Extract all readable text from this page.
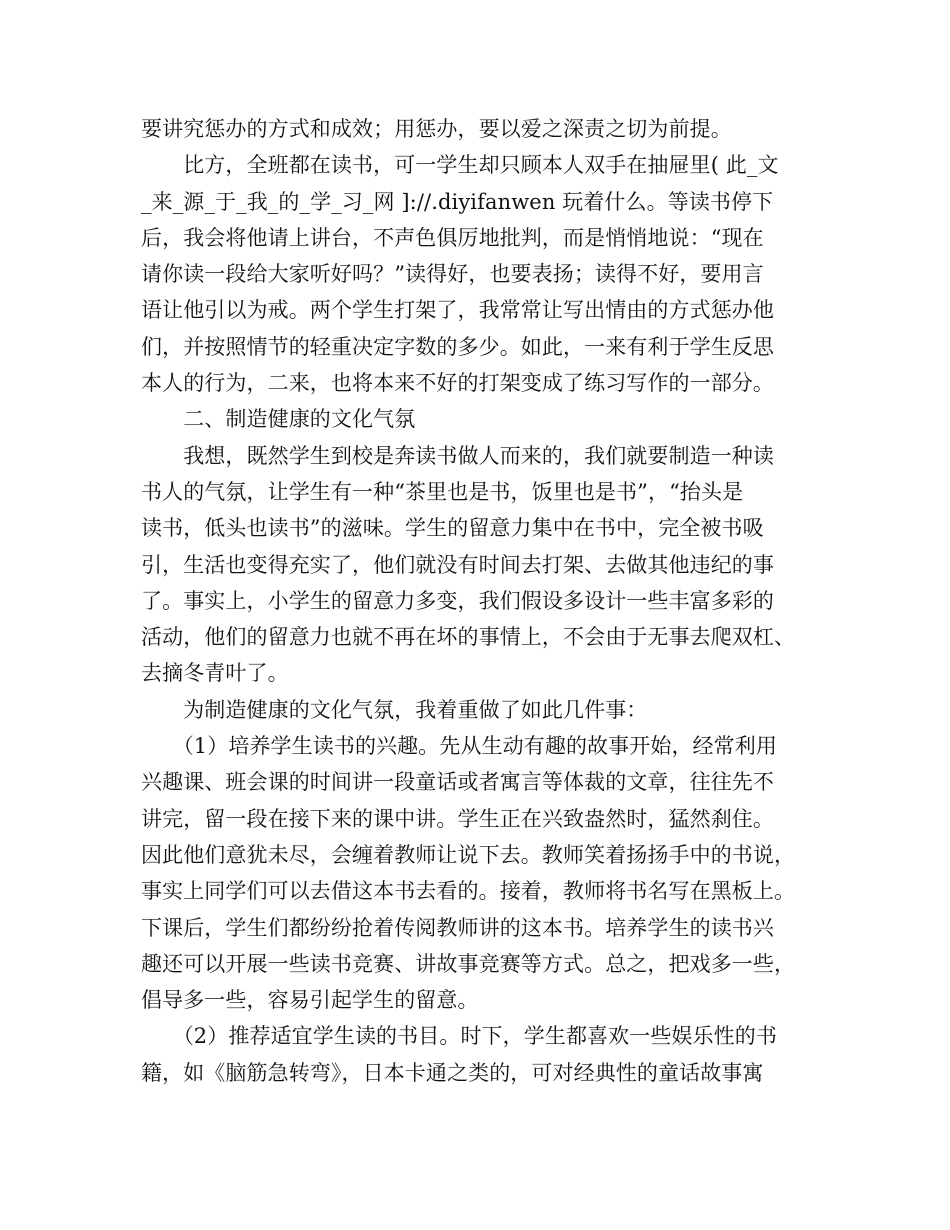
要讲究惩办的方式和成效；用惩办，要以爱之深责之切为前提。
　　比方，全班都在读书，可一学生却只顾本人双手在抽屉里( 此_文
_来_源_于_我_的_学_习_网 ]://.diyifanwen 玩着什么。等读书停下
后，我会将他请上讲台，不声色俱厉地批判，而是悄悄地说：“现在
请你读一段给大家听好吗？”读得好，也要表扬；读得不好，要用言
语让他引以为戒。两个学生打架了，我常常让写出情由的方式惩办他
们，并按照情节的轻重决定字数的多少。如此，一来有利于学生反思
本人的行为，二来，也将本来不好的打架变成了练习写作的一部分。
　　二、制造健康的文化气氛
　　我想，既然学生到校是奔读书做人而来的，我们就要制造一种读
书人的气氛，让学生有一种“茶里也是书，饭里也是书”，“抬头是
读书，低头也读书”的滋味。学生的留意力集中在书中，完全被书吸
引，生活也变得充实了，他们就没有时间去打架、去做其他违纪的事
了。事实上，小学生的留意力多变，我们假设多设计一些丰富多彩的
活动，他们的留意力也就不再在坏的事情上，不会由于无事去爬双杠、
去摘冬青叶了。
　　为制造健康的文化气氛，我着重做了如此几件事：
　　（1）培养学生读书的兴趣。先从生动有趣的故事开始，经常利用
兴趣课、班会课的时间讲一段童话或者寓言等体裁的文章，往往先不
讲完，留一段在接下来的课中讲。学生正在兴致盎然时，猛然刹住。
因此他们意犹未尽，会缠着教师让说下去。教师笑着扬扬手中的书说，
事实上同学们可以去借这本书去看的。接着，教师将书名写在黑板上。
下课后，学生们都纷纷抢着传阅教师讲的这本书。培养学生的读书兴
趣还可以开展一些读书竞赛、讲故事竞赛等方式。总之，把戏多一些，
倡导多一些，容易引起学生的留意。
　　（2）推荐适宜学生读的书目。时下，学生都喜欢一些娱乐性的书
籍，如《脑筋急转弯》，日本卡通之类的，可对经典性的童话故事寓
